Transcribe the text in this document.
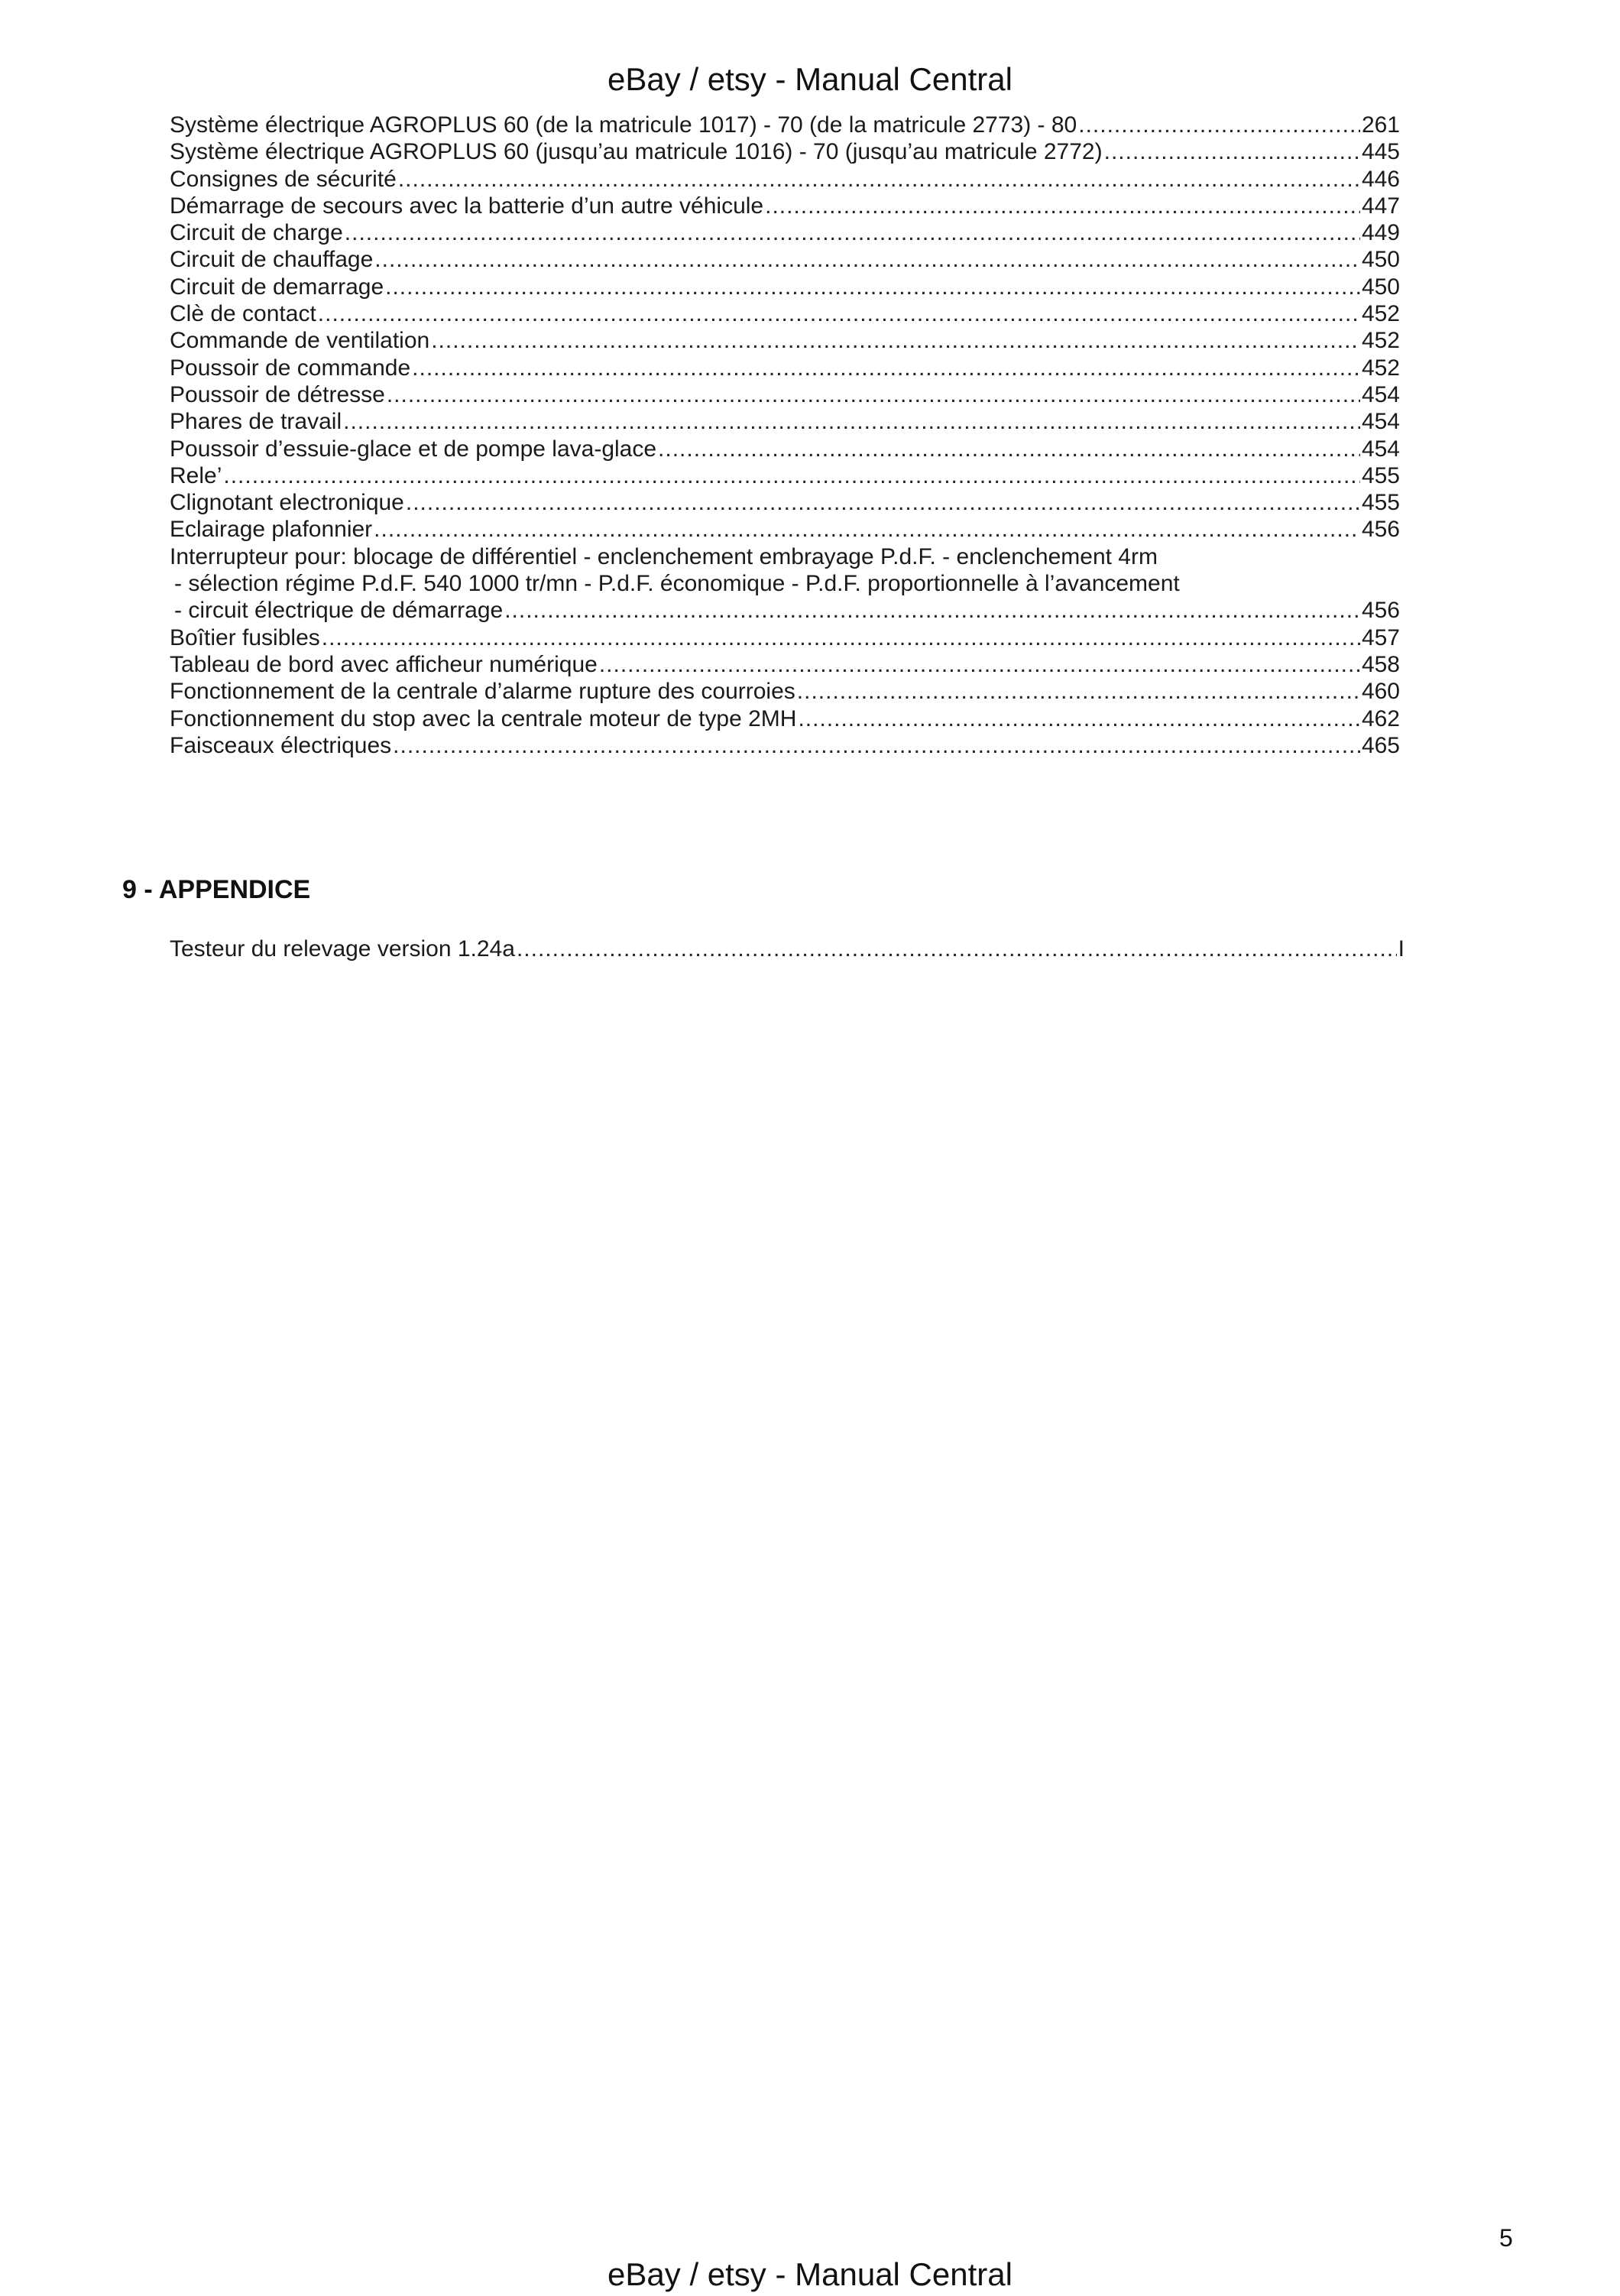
eBay / etsy - Manual Central
Système électrique AGROPLUS 60 (de la matricule 1017) - 70 (de la matricule 2773) - 80 .....	261
Système électrique AGROPLUS 60 (jusqu’au matricule 1016) - 70 (jusqu’au matricule 2772) .....	445
Consignes de sécurité .....	446
Démarrage de secours avec la batterie d’un autre véhicule .....	447
Circuit de charge .....	449
Circuit de chauffage .....	450
Circuit de demarrage .....	450
Clè de contact .....	452
Commande de ventilation .....	452
Poussoir de commande .....	452
Poussoir de détresse .....	454
Phares de travail .....	454
Poussoir d’essuie-glace et de pompe lava-glace .....	454
Rele’ .....	455
Clignotant electronique .....	455
Eclairage plafonnier .....	456
Interrupteur pour: blocage de différentiel - enclenchement embrayage P.d.F. - enclenchement 4rm
- sélection régime P.d.F. 540 1000 tr/mn - P.d.F. économique - P.d.F. proportionnelle à l’avancement
- circuit électrique de démarrage .....	456
Boîtier fusibles .....	457
Tableau de bord avec afficheur numérique .....	458
Fonctionnement de la centrale d’alarme rupture des courroies .....	460
Fonctionnement du stop avec la centrale moteur de type 2MH .....	462
Faisceaux électriques .....	465
9 - APPENDICE
Testeur du relevage version 1.24a .....	I
5
eBay / etsy - Manual Central
